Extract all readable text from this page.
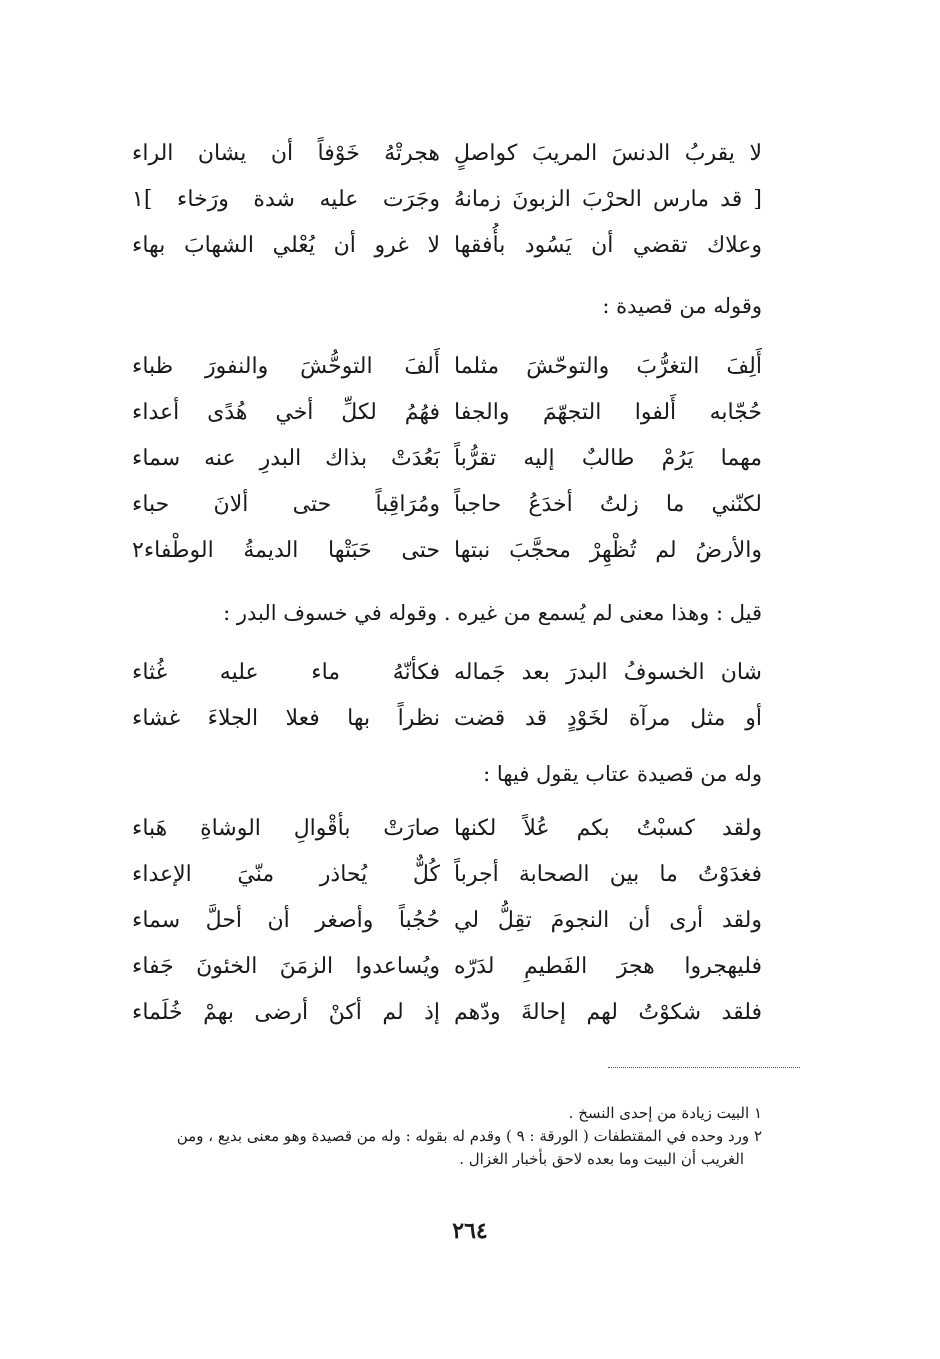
لا يقربُ الدنسَ المريبَ كواصلٍ
هجرتْهُ خَوْفاً أن يشان الراء
[ قد مارس الحرْبَ الزبونَ زمانهُ
وجَرَت عليه شدة ورَخاء ]١
وعلاك تقضي أن يَسُود بأُفقها
لا غرو أن يُعْلي الشهابَ بهاء
وقوله من قصيدة :
أَلِفَ التغرُّبَ والتوحّشَ مثلما
أَلفَ التوحُّشَ والنفورَ ظباء
حُجّابه أَلفوا التجهّمَ والجفا
فهُمُ لكلِّ أخي هُدًى أعداء
مهما يَرُمْ طالبٌ إليه تقرُّباً
بَعُدَتْ بذاك البدرِ عنه سماء
لكنّني ما زلتُ أخدَعُ حاجباً
ومُرَاقِباً حتى ألانَ حباء
والأرضُ لم تُظْهِرْ محجَّبَ نبتها
حتى حَبَتْها الديمةُ الوطْفاء٢
قيل : وهذا معنى لم يُسمع من غيره . وقوله في خسوف البدر :
شان الخسوفُ البدرَ بعد جَماله
فكأنّهُ ماء عليه غُثاء
أو مثل مرآة لخَوْدٍ قد قضت
نظراً بها فعلا الجلاءَ غشاء
وله من قصيدة عتاب يقول فيها :
ولقد كسبْتُ بكم عُلاً لكنها
صارَتْ بأقْوالِ الوشاةِ هَباء
فغدَوْتُ ما بين الصحابة أجرباً
كُلٌّ يُحاذر منّيَ الإعداء
ولقد أرى أن النجومَ تقِلُّ لي
حُجُباً وأصغر أن أحلَّ سماء
فليهجروا هجرَ الفَطيمِ لدَرّه
ويُساعدوا الزمَنَ الخئونَ جَفاء
فلقد شكوْتُ لهم إحالةَ ودّهم
إذ لم أكنْ أرضى بهمْ خُلَماء
١ البيت زيادة من إحدى النسخ .
٢ ورد وحده في المقتطفات ( الورقة : ٩ ) وقدم له بقوله : وله من قصيدة وهو معنى بديع ، ومن
الغريب أن البيت وما بعده لاحق بأخبار الغزال .
٢٦٤
